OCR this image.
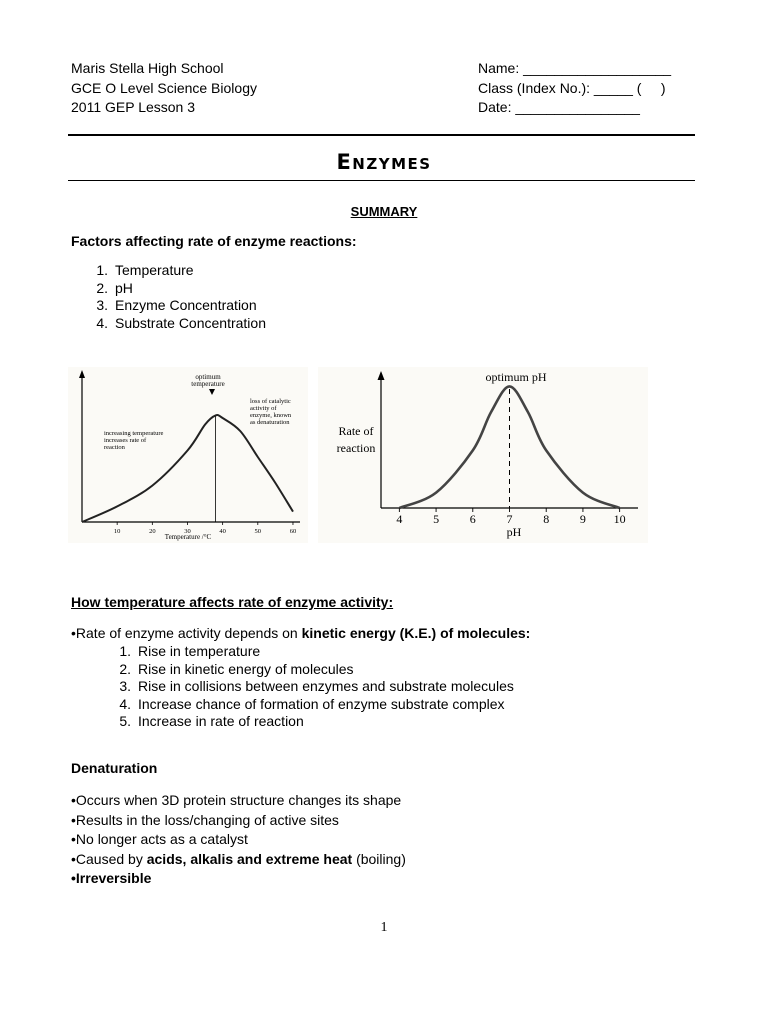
Maris Stella High School
GCE O Level Science Biology
2011 GEP Lesson 3
Name: ___________________
Class (Index No.): _____ (     )
Date: ________________
Enzymes
SUMMARY
Factors affecting rate of enzyme reactions:
1. Temperature
2. pH
3. Enzyme Concentration
4. Substrate Concentration
10	20	30	40	50	60
optimum temperature
loss of catalytic activity of enzyme, known as denaturation
increasing temperature increases rate of reaction
Temperature /°C
4	5	6	7	8	9 10
optimum pH
Rate of reaction
pH
How temperature affects rate of enzyme activity:
•Rate of enzyme activity depends on kinetic energy (K.E.) of molecules:
1. Rise in temperature
2. Rise in kinetic energy of molecules
3. Rise in collisions between enzymes and substrate molecules
4. Increase chance of formation of enzyme substrate complex
5. Increase in rate of reaction
Denaturation
•Occurs when 3D protein structure changes its shape
•Results in the loss/changing of active sites
•No longer acts as a catalyst
•Caused by acids, alkalis and extreme heat (boiling)
•Irreversible
1
